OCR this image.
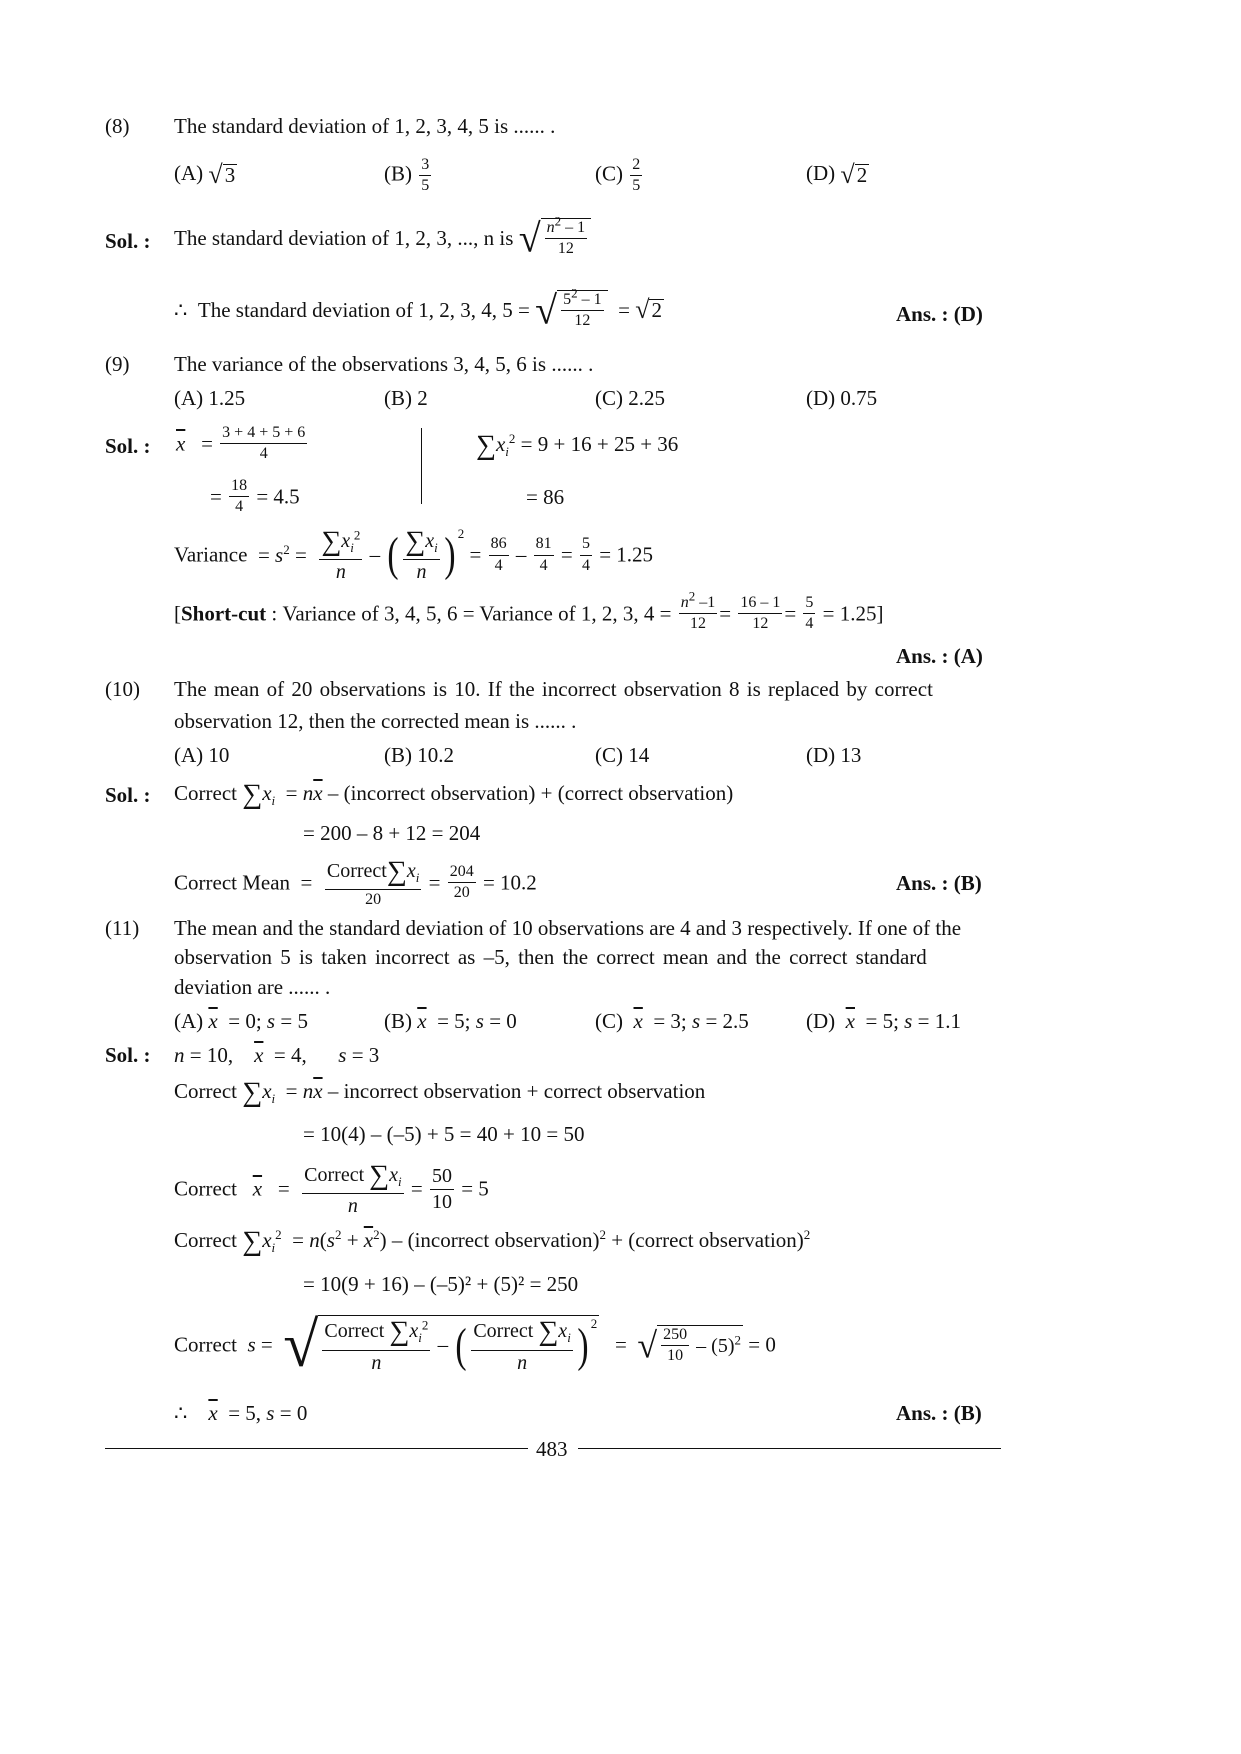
(8) The standard deviation of 1, 2, 3, 4, 5 is ...... .
(A) √3	$(B) \frac{3}{5}$	$(C) \frac{2}{5}$	(D) √2
Sol. : The standard deviation of 1, 2, 3, ..., n is √ $\frac{n^2 - 1}{12}$
∴  The standard deviation of 1, 2, 3, 4, 5 = √ $\frac{5^2 - 1}{12} = √2$	Ans. : (D)
(9) The variance of the observations 3, 4, 5, 6 is ...... .
(A) 1.25	(B) 2	(C) 2.25	(D) 0.75
Sol. : $\overline{x} = \frac{3 + 4 + 5 + 6}{4}$
= $\frac{18}{4} = 4.5$
$\sum x_i^2 = 9 + 16 + 25 + 36$
= 86
Variance  = $s^2 = \frac{\sum x_i^2}{n}$ – ( $\frac{\sum x_i}{n}$ ) $^2 = \frac{86}{4} - \frac{81}{4} = \frac{5}{4} = 1.25$
[Short-cut : Variance of 3, 4, 5, 6 = Variance of 1, 2, 3, $4 = \frac{n^2 -1}{12} = \frac{16 - 1}{12} = \frac{5}{4} = 1.25$]
Ans. : (A)
(10) The mean of 20 observations is 10. If the incorrect observation 8 is replaced by correct
observation 12, then the corrected mean is ...... .
(A) 10	(B) 10.2	(C) 14	(D) 13
Sol. : Correct $\sum x_i = n\overline{x}$ – (incorrect observation) + (correct observation)
= 200 – 8 + 12 = 204
Correct Mean  = $\frac{Correct\sum x_i}{20} = \frac{204}{20} = 10.2$	Ans. : (B)
(11) The mean and the standard deviation of 10 observations are 4 and 3 respectively. If one of the
observation 5 is taken incorrect as –5, then the correct mean and the correct standard
deviation are ...... .
(A) $\overline{x} = 0$; s = 5	(B) $\overline{x} = 5$; s = 0	(C) $\overline{x} = 3$; s = 2.5	(D) $\overline{x} = 5$; s = 1.1
Sol. : n = 10,    $\overline{x} = 4$,      s = 3
Correct $\sum x_i = n\overline{x}$ – incorrect observation + correct observation
= 10(4) – (–5) + 5 = 40 + 10 = 50
Correct $\overline{x} = \frac{Correct \sum x_i}{n} = \frac{50}{10} = 5$
Correct $\sum x_i^2 = n(s^2 + \overline{x}^2)$ – (incorrect observation)$^2$ + (correct observation)$^2$
= 10(9 + 16) – (–5)² + (5)² = 250
Correct s =  √ $\frac{Correct \sum x_i^2}{n}$ – ( $\frac{Correct \sum x_i}{n}$ ) $^2$   =  √ $\frac{250}{10} - (5)^2 = 0$
∴    $\overline{x} = 5$, s = 0	Ans. : (B)
483
